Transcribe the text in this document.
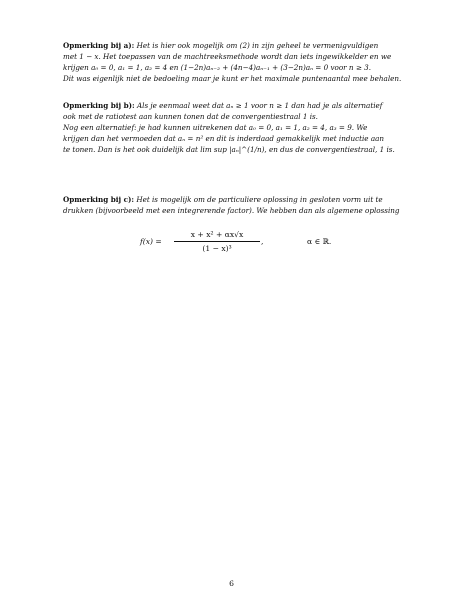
Opmerking bij a): Het is hier ook mogelijk om (2) in zijn geheel te vermenigvuldigen
met 1 − x. Het toepassen van de machtreeksmethode wordt dan iets ingewikkelder en we
krijgen a₀ = 0, a₁ = 1, a₂ = 4 en (1−2n)aₙ₋₂ + (4n−4)aₙ₋₁ + (3−2n)aₙ = 0 voor n ≥ 3.
Dit was eigenlijk niet de bedoeling maar je kunt er het maximale puntenaantal mee behalen.
Opmerking bij b): Als je eenmaal weet dat aₙ ≥ 1 voor n ≥ 1 dan had je als alternatief
ook met de ratiotest aan kunnen tonen dat de convergentiestraal 1 is.
Nog een alternatief: je had kunnen uitrekenen dat a₀ = 0, a₁ = 1, a₂ = 4, a₃ = 9. We
krijgen dan het vermoeden dat aₙ = n² en dit is inderdaad gemakkelijk met inductie aan
te tonen. Dan is het ook duidelijk dat lim sup |aₙ|^(1/n), en dus de convergentiestraal, 1 is.
Opmerking bij c): Het is mogelijk om de particuliere oplossing in gesloten vorm uit te
drukken (bijvoorbeeld met een integrerende factor). We hebben dan als algemene oplossing
$f(x) = \frac{\text{x + x² + αx√x}}{\text{(1 − x)³}}$ ,	α ∈ ℝ.
6
